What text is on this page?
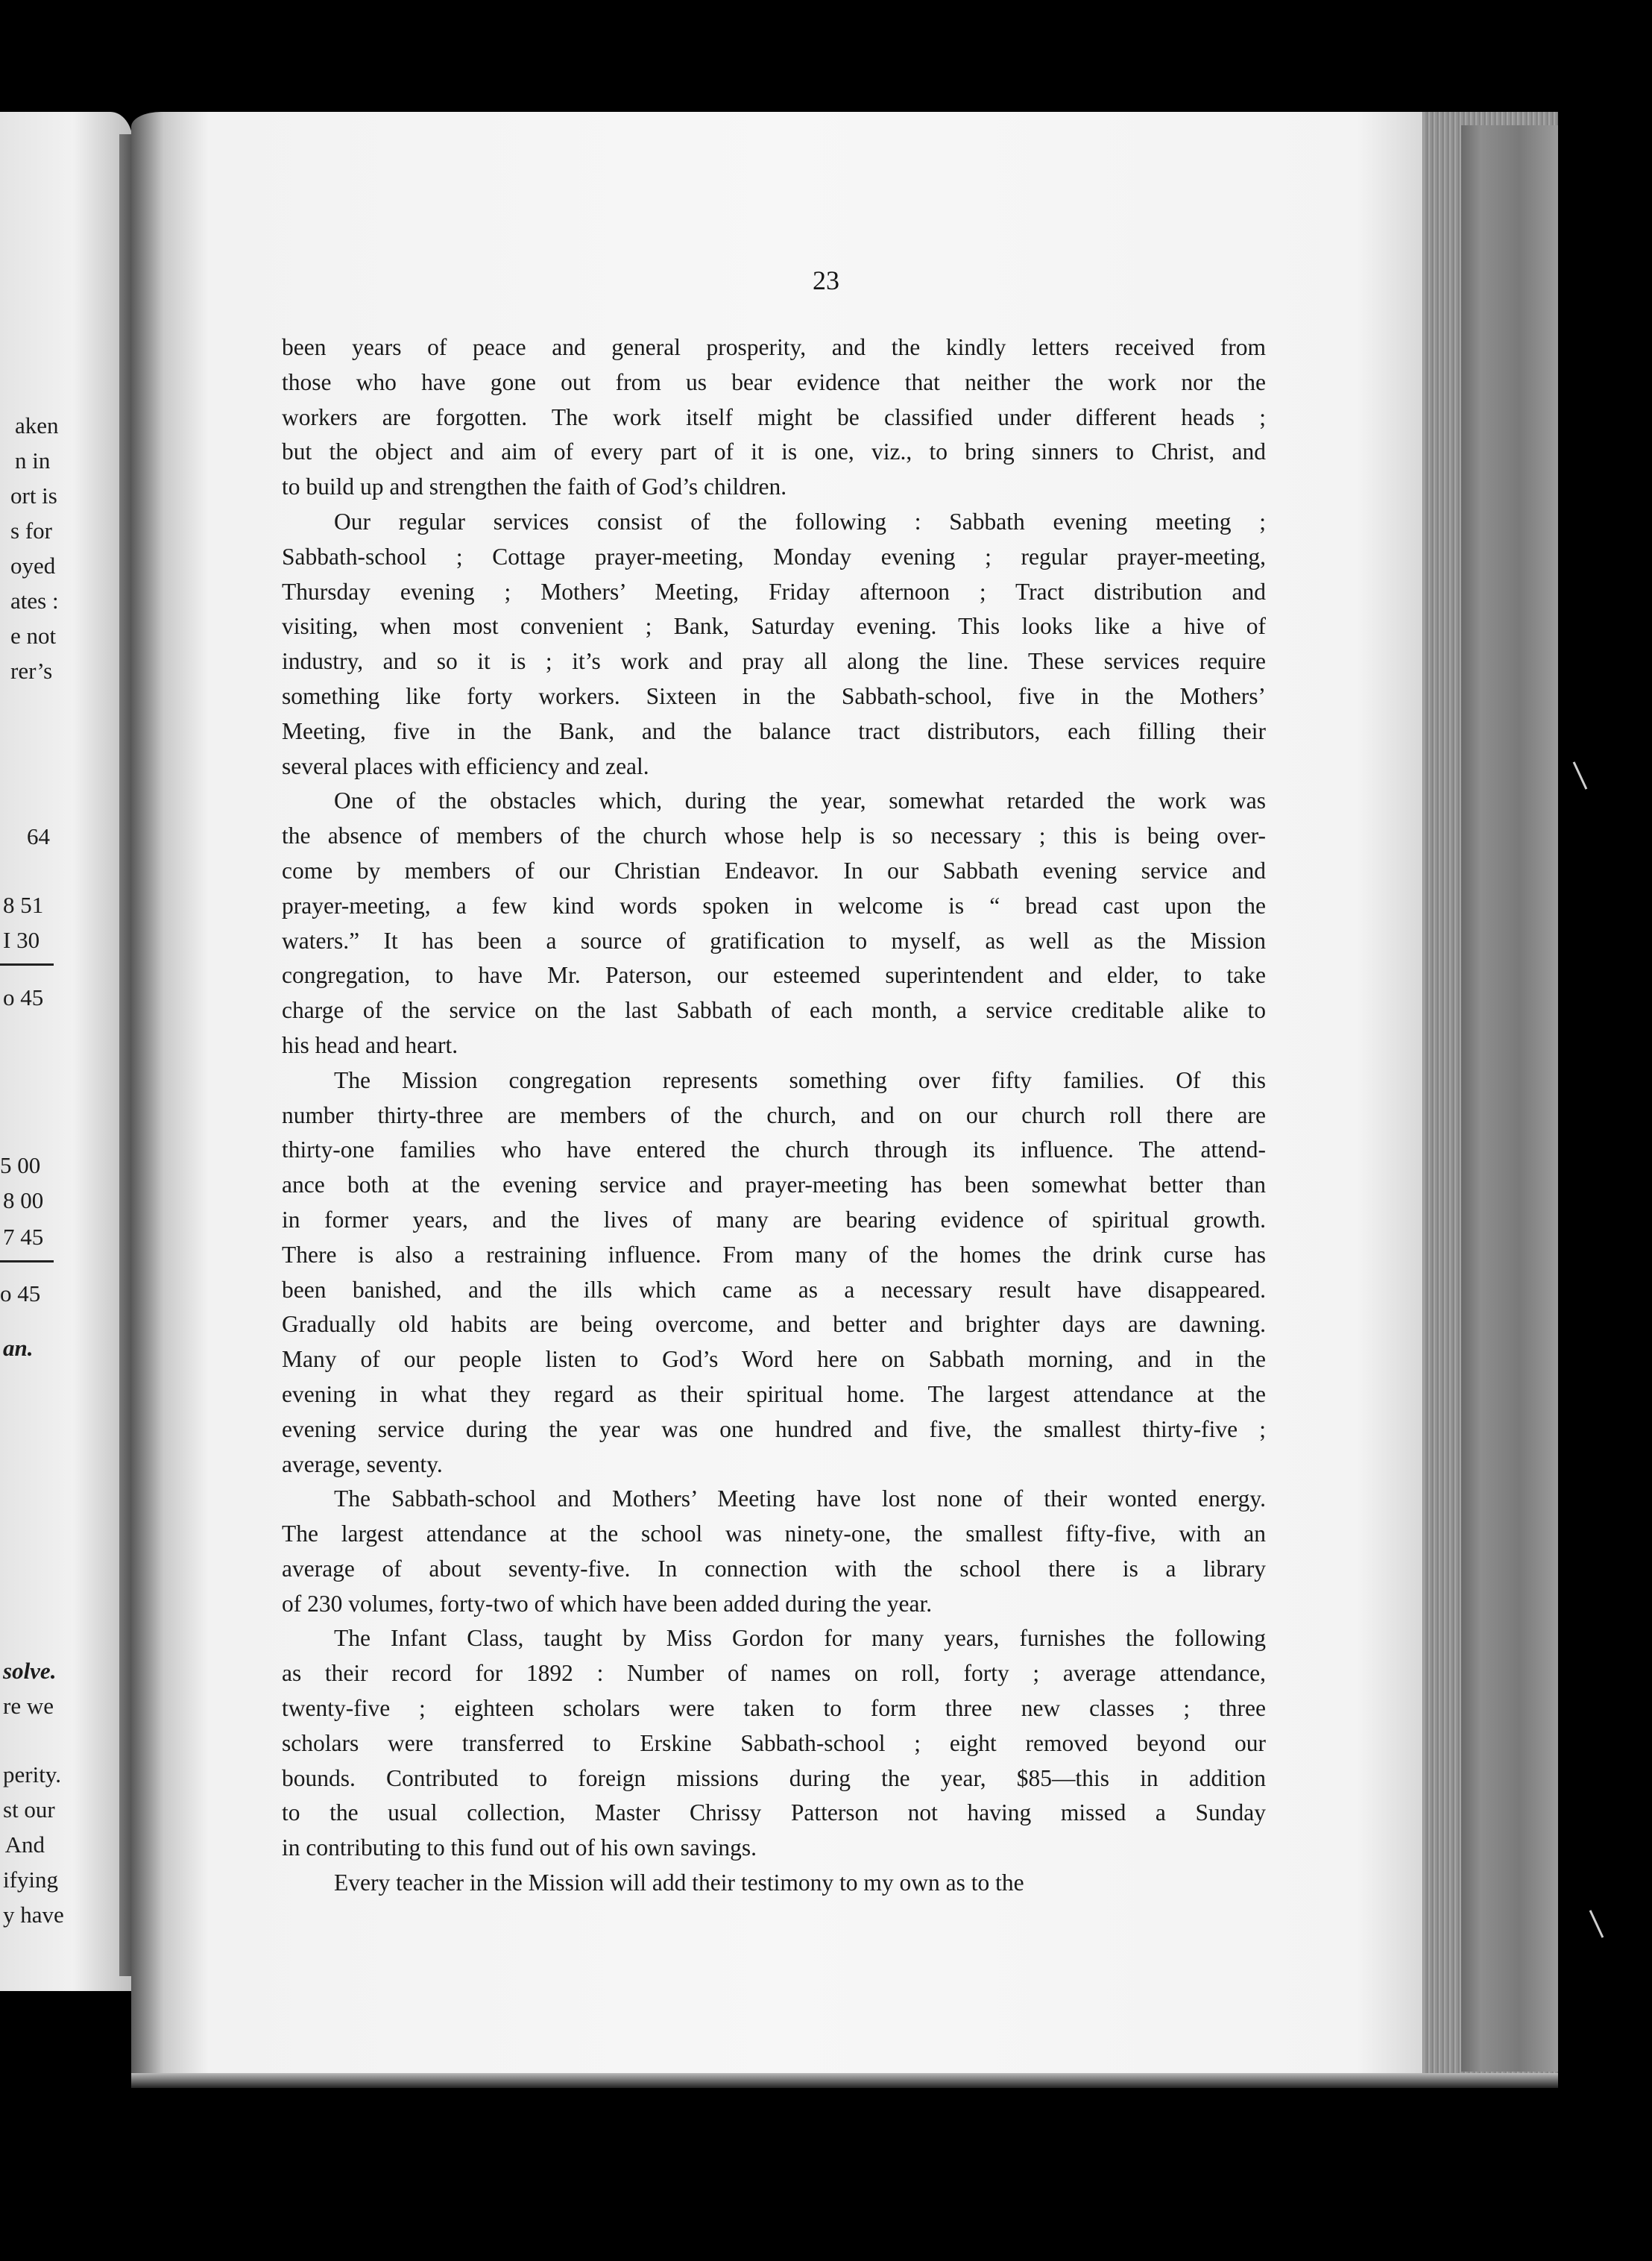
aken
n in
ort is
s for
oyed
ates :
e not
rer’s
64
8 51
I 30
o 45
5 00
8 00
7 45
o 45
an.
solve.
re we
perity.
st our
And
ifying
y have
23
been years of peace and general prosperity, and the kindly letters received from
those who have gone out from us bear evidence that neither the work nor the
workers are forgotten. The work itself might be classified under different heads ;
but the object and aim of every part of it is one, viz., to bring sinners to Christ, and
to build up and strengthen the faith of God’s children.
Our regular services consist of the following : Sabbath evening meeting ;
Sabbath-school ; Cottage prayer-meeting, Monday evening ; regular prayer-meeting,
Thursday evening ; Mothers’ Meeting, Friday afternoon ; Tract distribution and
visiting, when most convenient ; Bank, Saturday evening. This looks like a hive of
industry, and so it is ; it’s work and pray all along the line. These services require
something like forty workers. Sixteen in the Sabbath-school, five in the Mothers’
Meeting, five in the Bank, and the balance tract distributors, each filling their
several places with efficiency and zeal.
One of the obstacles which, during the year, somewhat retarded the work was
the absence of members of the church whose help is so necessary ; this is being over-
come by members of our Christian Endeavor. In our Sabbath evening service and
prayer-meeting, a few kind words spoken in welcome is “ bread cast upon the
waters.” It has been a source of gratification to myself, as well as the Mission
congregation, to have Mr. Paterson, our esteemed superintendent and elder, to take
charge of the service on the last Sabbath of each month, a service creditable alike to
his head and heart.
The Mission congregation represents something over fifty families. Of this
number thirty-three are members of the church, and on our church roll there are
thirty-one families who have entered the church through its influence. The attend-
ance both at the evening service and prayer-meeting has been somewhat better than
in former years, and the lives of many are bearing evidence of spiritual growth.
There is also a restraining influence. From many of the homes the drink curse has
been banished, and the ills which came as a necessary result have disappeared.
Gradually old habits are being overcome, and better and brighter days are dawning.
Many of our people listen to God’s Word here on Sabbath morning, and in the
evening in what they regard as their spiritual home. The largest attendance at the
evening service during the year was one hundred and five, the smallest thirty-five ;
average, seventy.
The Sabbath-school and Mothers’ Meeting have lost none of their wonted energy.
The largest attendance at the school was ninety-one, the smallest fifty-five, with an
average of about seventy-five. In connection with the school there is a library
of 230 volumes, forty-two of which have been added during the year.
The Infant Class, taught by Miss Gordon for many years, furnishes the following
as their record for 1892 : Number of names on roll, forty ; average attendance,
twenty-five ; eighteen scholars were taken to form three new classes ; three
scholars were transferred to Erskine Sabbath-school ; eight removed beyond our
bounds. Contributed to foreign missions during the year, $85—this in addition
to the usual collection, Master Chrissy Patterson not having missed a Sunday
in contributing to this fund out of his own savings.
Every teacher in the Mission will add their testimony to my own as to the
